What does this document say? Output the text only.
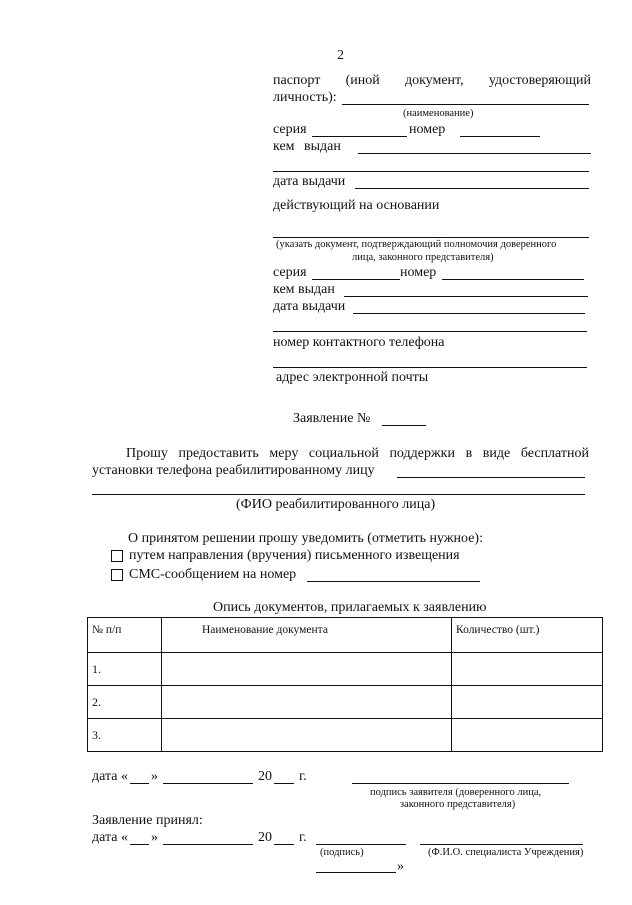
2
паспорт (иной документ, удостоверяющий
личность):
(наименование)
серия	номер
кем выдан
дата выдачи
действующий на основании
(указать документ, подтверждающий полномочия доверенного
лица, законного представителя)
серия	номер
кем выдан
дата выдачи
номер контактного телефона
адрес электронной почты
Заявление №
Прошу предоставить меру социальной поддержки в виде бесплатной
установки телефона реабилитированному лицу
(ФИО реабилитированного лица)
О принятом решении прошу уведомить (отметить нужное):
путем направления (вручения) письменного извещения
СМС-сообщением на номер
Опись документов, прилагаемых к заявлению
№ п/п	Наименование документа	Количество (шт.)
1.		
2.		
3.		
дата « »	20 г.
подпись заявителя (доверенного лица,
законного представителя)
Заявление принял:
дата « »	20 г.
(подпись)	(Ф.И.О. специалиста Учреждения)
»
